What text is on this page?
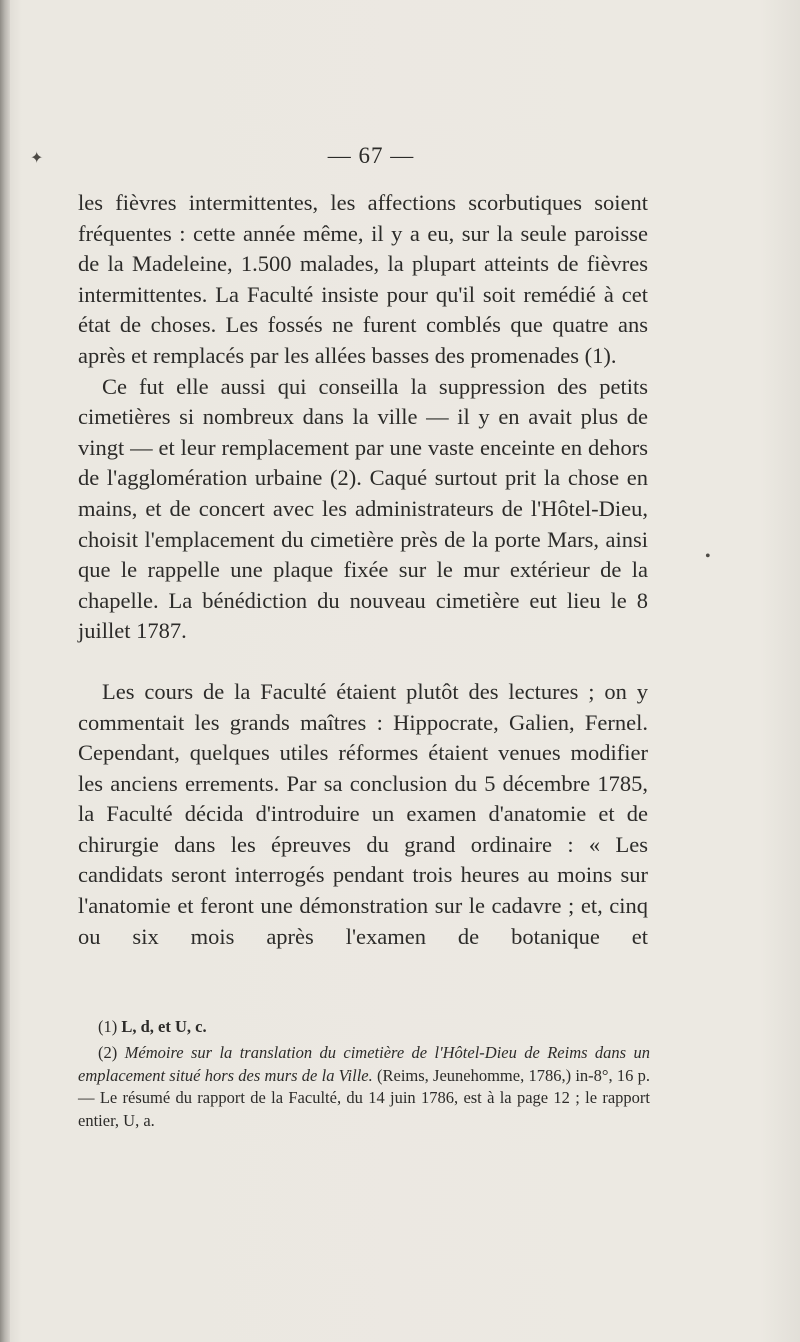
✦
•
— 67 —

les fièvres intermittentes, les affections scorbutiques soient fréquentes : cette année même, il y a eu, sur la seule paroisse de la Madeleine, 1.500 malades, la plupart atteints de fièvres intermittentes. La Faculté insiste pour qu'il soit remédié à cet état de choses. Les fossés ne furent comblés que quatre ans après et remplacés par les allées basses des promenades (1).

Ce fut elle aussi qui conseilla la suppression des petits cimetières si nombreux dans la ville — il y en avait plus de vingt — et leur remplacement par une vaste enceinte en dehors de l'agglomération urbaine (2). Caqué surtout prit la chose en mains, et de concert avec les administrateurs de l'Hôtel-Dieu, choisit l'emplacement du cimetière près de la porte Mars, ainsi que le rappelle une plaque fixée sur le mur extérieur de la chapelle. La bénédiction du nouveau cimetière eut lieu le 8 juillet 1787.

Les cours de la Faculté étaient plutôt des lectures ; on y commentait les grands maîtres : Hippocrate, Galien, Fernel. Cependant, quelques utiles réformes étaient venues modifier les anciens errements. Par sa conclusion du 5 décembre 1785, la Faculté décida d'introduire un examen d'anatomie et de chirurgie dans les épreuves du grand ordinaire : « Les candidats seront interrogés pendant trois heures au moins sur l'anatomie et feront une démonstration sur le cadavre ; et, cinq ou six mois après l'examen de botanique et

(1) L, d, et U, c.

(2) Mémoire sur la translation du cimetière de l'Hôtel-Dieu de Reims dans un emplacement situé hors des murs de la Ville. (Reims, Jeunehomme, 1786,) in-8°, 16 p. — Le résumé du rapport de la Faculté, du 14 juin 1786, est à la page 12 ; le rapport entier, U, a.
